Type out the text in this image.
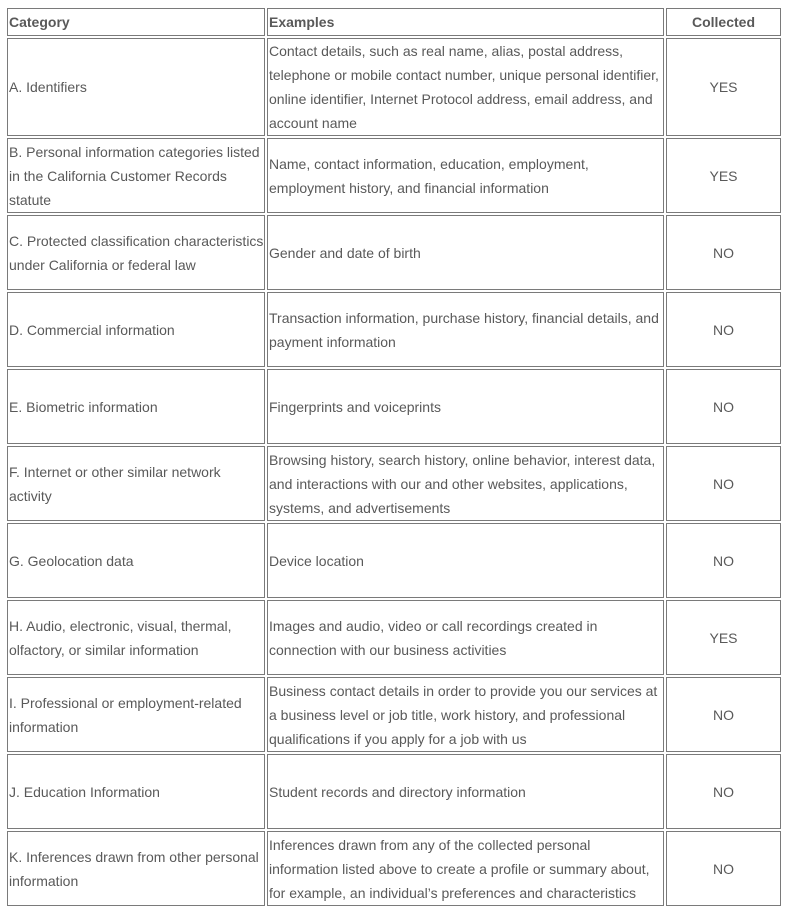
Category	Examples	Collected
A. Identifiers	Contact details, such as real name, alias, postal address, telephone or mobile contact number, unique personal identifier, online identifier, Internet Protocol address, email address, and account name	YES
B. Personal information categories listed in the California Customer Records statute	Name, contact information, education, employment, employment history, and financial information	YES
C. Protected classification characteristics under California or federal law	Gender and date of birth	NO
D. Commercial information	Transaction information, purchase history, financial details, and payment information	NO
E. Biometric information	Fingerprints and voiceprints	NO
F. Internet or other similar network activity	Browsing history, search history, online behavior, interest data, and interactions with our and other websites, applications, systems, and advertisements	NO
G. Geolocation data	Device location	NO
H. Audio, electronic, visual, thermal, olfactory, or similar information	Images and audio, video or call recordings created in connection with our business activities	YES
I. Professional or employment-related information	Business contact details in order to provide you our services at a business level or job title, work history, and professional qualifications if you apply for a job with us	NO
J. Education Information	Student records and directory information	NO
K. Inferences drawn from other personal information	Inferences drawn from any of the collected personal information listed above to create a profile or summary about, for example, an individual’s preferences and characteristics	NO
